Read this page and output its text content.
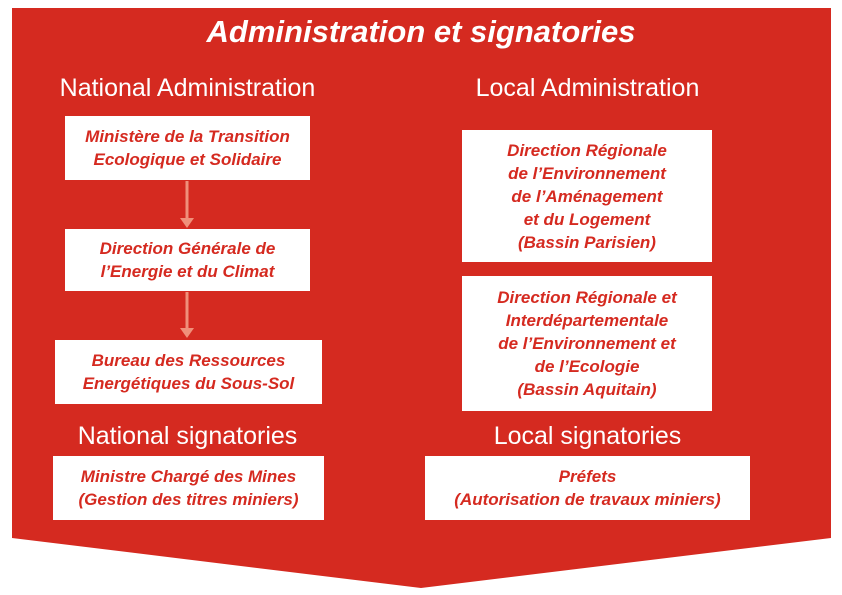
Administration et signatories
National Administration	Local Administration
Ministère de la Transition
Ecologique et Solidaire
Direction Générale de
l’Energie et du Climat
Bureau des Ressources
Energétiques du Sous-Sol
Direction Régionale
de l’Environnement
de l’Aménagement
et du Logement
(Bassin Parisien)
Direction Régionale et
Interdépartementale
de l’Environnement et
de l’Ecologie
(Bassin Aquitain)
National signatories	Local signatories
Ministre Chargé des Mines
(Gestion des titres miniers)
Préfets
(Autorisation de travaux miniers)
